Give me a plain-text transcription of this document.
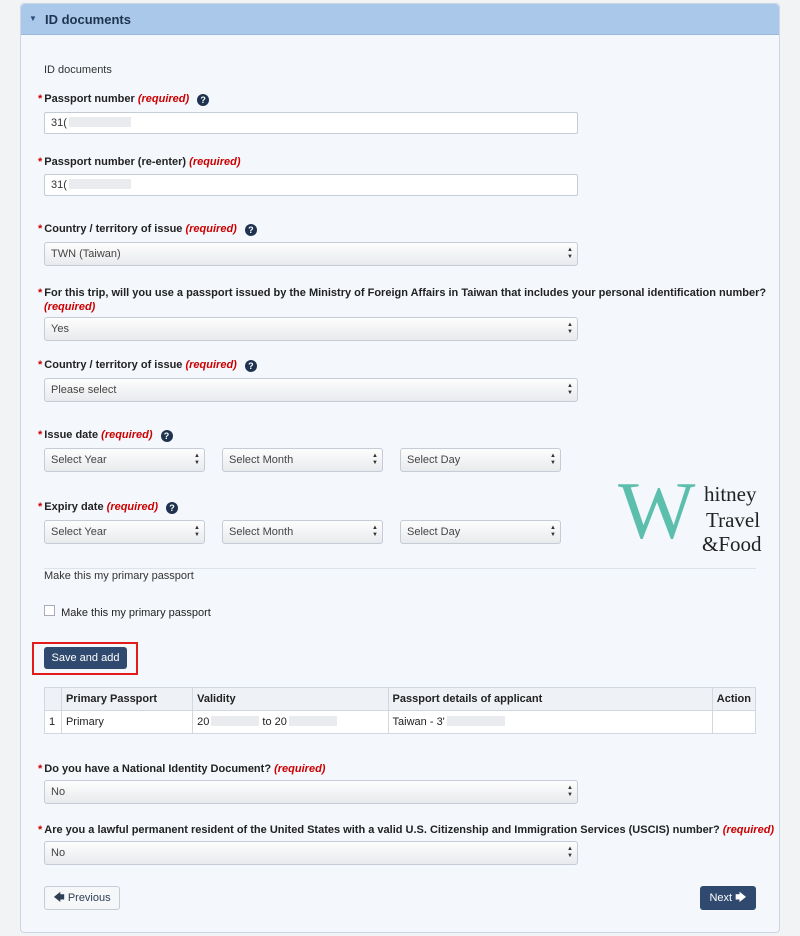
▼ ID documents
ID documents
* Passport number (required) ?
31(
* Passport number (re-enter) (required)
31(
* Country / territory of issue (required) ?
TWN (Taiwan)	▲
▼
* For this trip, will you use a passport issued by the Ministry of Foreign Affairs in Taiwan that includes your personal identification number?
(required)
Yes	▲
▼
* Country / territory of issue (required) ?
Please select	▲
▼
* Issue date (required) ?
Select Year	▲
▼	Select Month	▲
▼	Select Day	▲
▼
* Expiry date (required) ?
Select Year	▲
▼	Select Month	▲
▼	Select Day	▲
▼
Make this my primary passport
Make this my primary passport
Save and add
	Primary Passport	Validity	Passport details of applicant	Action
1	Primary	20 to 20	Taiwan - 3'	
* Do you have a National Identity Document? (required)
No	▲
▼
* Are you a lawful permanent resident of the United States with a valid U.S. Citizenship and Immigration Services (USCIS) number? (required)
No	▲
▼
🡄 Previous	Next 🡆
W hitney
Travel
&Food
